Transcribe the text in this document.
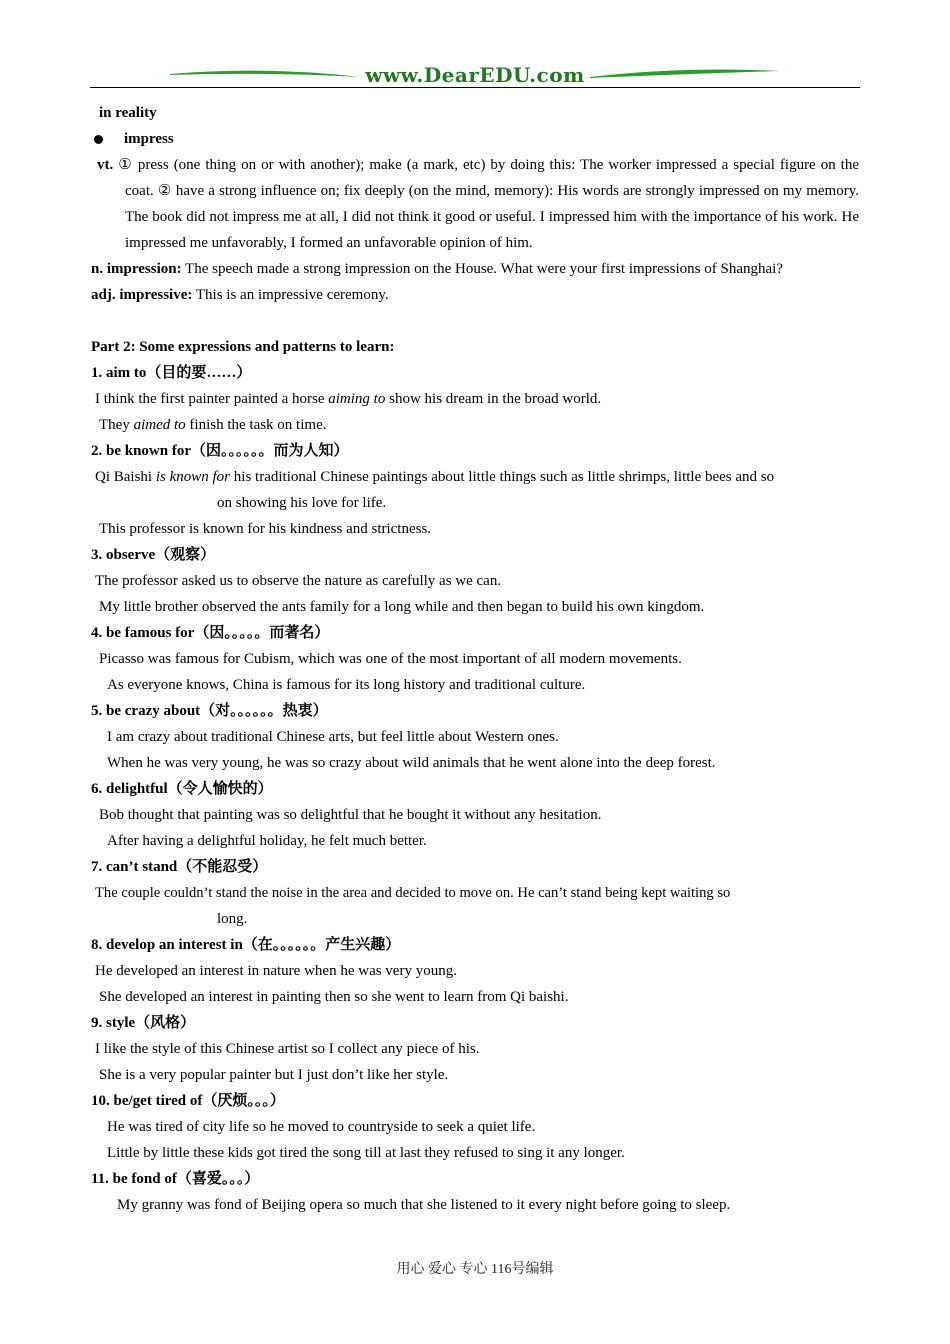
www.DearEDU.com
in reality
impress
vt. ① press (one thing on or with another); make (a mark, etc) by doing this: The worker impressed a special figure on the coat. ② have a strong influence on; fix deeply (on the mind, memory): His words are strongly impressed on my memory. The book did not impress me at all, I did not think it good or useful. I impressed him with the importance of his work. He impressed me unfavorably, I formed an unfavorable opinion of him.
n. impression: The speech made a strong impression on the House. What were your first impressions of Shanghai?
adj. impressive: This is an impressive ceremony.
Part 2: Some expressions and patterns to learn:
1. aim to（目的要……）
I think the first painter painted a horse aiming to show his dream in the broad world.
They aimed to finish the task on time.
2. be known for（因。。。。。。而为人知）
Qi Baishi is known for his traditional Chinese paintings about little things such as little shrimps, little bees and so
on showing his love for life.
This professor is known for his kindness and strictness.
3. observe（观察）
The professor asked us to observe the nature as carefully as we can.
My little brother observed the ants family for a long while and then began to build his own kingdom.
4. be famous for（因。。。。。而著名）
Picasso was famous for Cubism, which was one of the most important of all modern movements.
As everyone knows, China is famous for its long history and traditional culture.
5. be crazy about（对。。。。。。热衷）
I am crazy about traditional Chinese arts, but feel little about Western ones.
When he was very young, he was so crazy about wild animals that he went alone into the deep forest.
6. delightful（令人愉快的）
Bob thought that painting was so delightful that he bought it without any hesitation.
After having a delightful holiday, he felt much better.
7. can’t stand（不能忍受）
The couple couldn’t stand the noise in the area and decided to move on. He can’t stand being kept waiting so
long.
8. develop an interest in（在。。。。。。产生兴趣）
He developed an interest in nature when he was very young.
She developed an interest in painting then so she went to learn from Qi baishi.
9. style（风格）
I like the style of this Chinese artist so I collect any piece of his.
She is a very popular painter but I just don’t like her style.
10. be/get tired of（厌烦。。。）
He was tired of city life so he moved to countryside to seek a quiet life.
Little by little these kids got tired the song till at last they refused to sing it any longer.
11. be fond of（喜爱。。。）
My granny was fond of Beijing opera so much that she listened to it every night before going to sleep.
用心 爱心 专心 116号编辑
